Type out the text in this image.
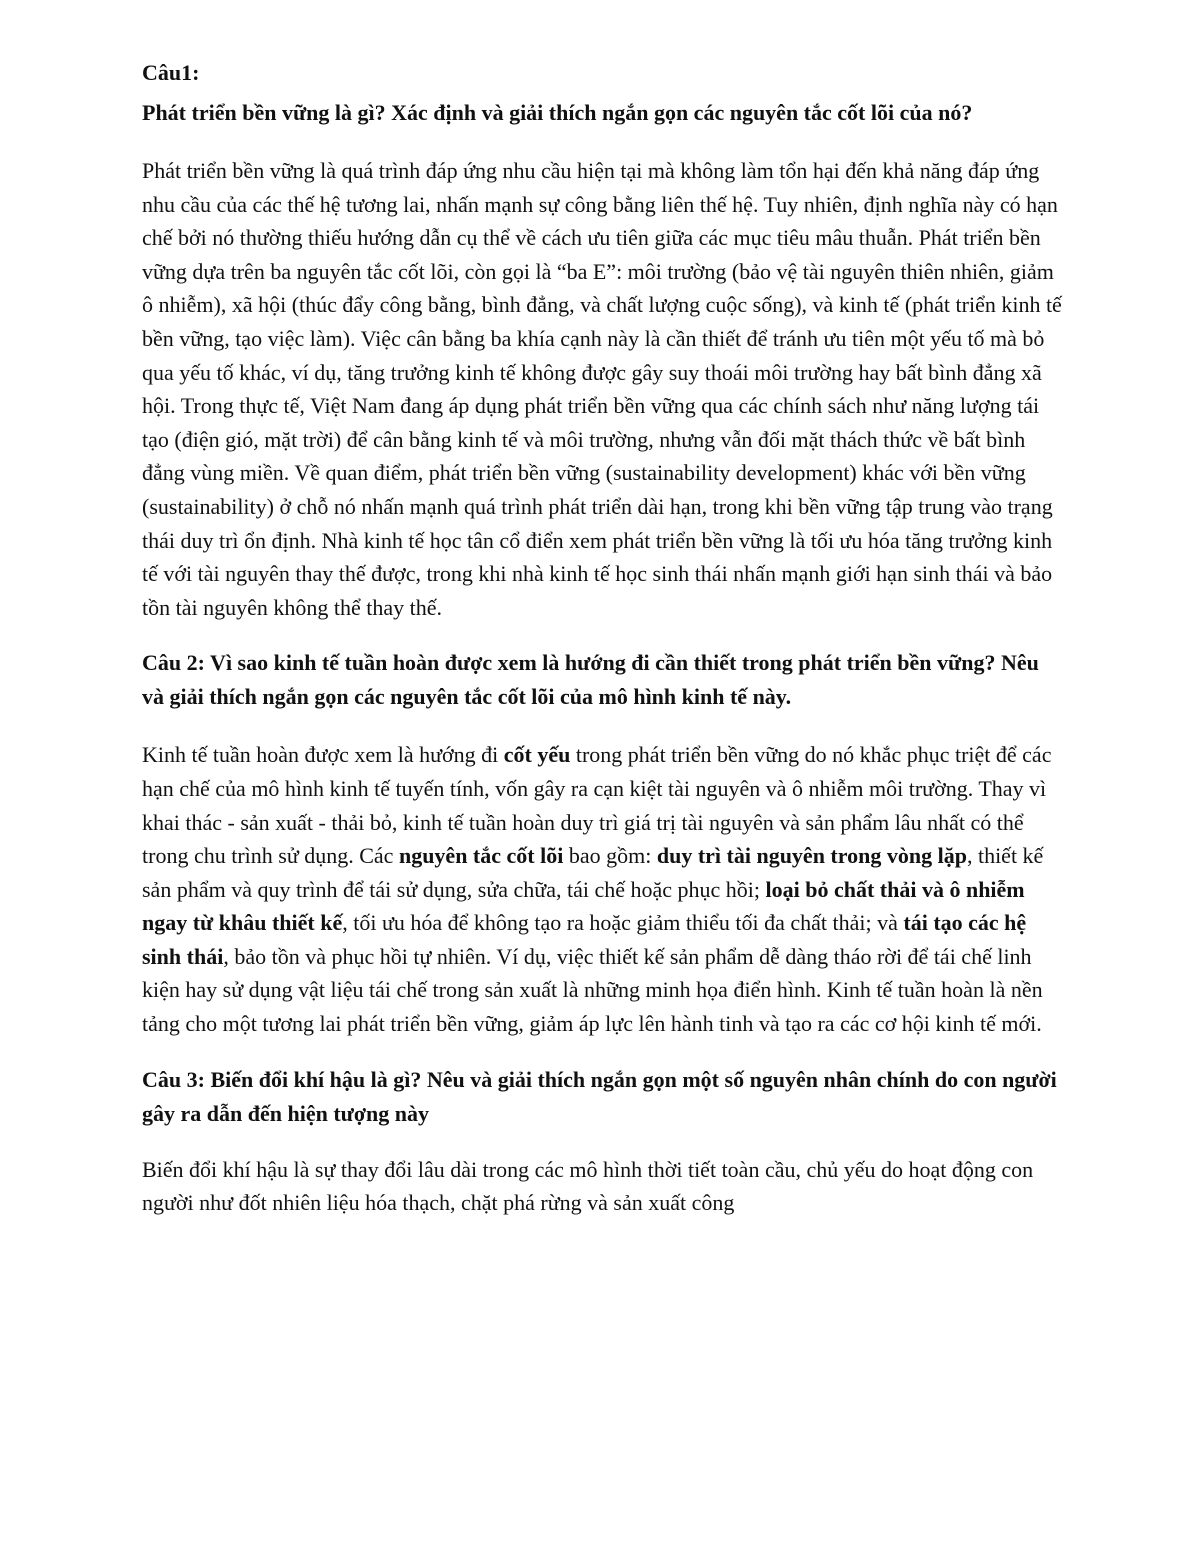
Câu1:

Phát triển bền vững là gì? Xác định và giải thích ngắn gọn các nguyên tắc cốt lõi của nó?

Phát triển bền vững là quá trình đáp ứng nhu cầu hiện tại mà không làm tổn hại đến khả năng đáp ứng nhu cầu của các thế hệ tương lai, nhấn mạnh sự công bằng liên thế hệ. Tuy nhiên, định nghĩa này có hạn chế bởi nó thường thiếu hướng dẫn cụ thể về cách ưu tiên giữa các mục tiêu mâu thuẫn. Phát triển bền vững dựa trên ba nguyên tắc cốt lõi, còn gọi là “ba E”: môi trường (bảo vệ tài nguyên thiên nhiên, giảm ô nhiễm), xã hội (thúc đẩy công bằng, bình đẳng, và chất lượng cuộc sống), và kinh tế (phát triển kinh tế bền vững, tạo việc làm). Việc cân bằng ba khía cạnh này là cần thiết để tránh ưu tiên một yếu tố mà bỏ qua yếu tố khác, ví dụ, tăng trưởng kinh tế không được gây suy thoái môi trường hay bất bình đẳng xã hội. Trong thực tế, Việt Nam đang áp dụng phát triển bền vững qua các chính sách như năng lượng tái tạo (điện gió, mặt trời) để cân bằng kinh tế và môi trường, nhưng vẫn đối mặt thách thức về bất bình đẳng vùng miền. Về quan điểm, phát triển bền vững (sustainability development) khác với bền vững (sustainability) ở chỗ nó nhấn mạnh quá trình phát triển dài hạn, trong khi bền vững tập trung vào trạng thái duy trì ổn định. Nhà kinh tế học tân cổ điển xem phát triển bền vững là tối ưu hóa tăng trưởng kinh tế với tài nguyên thay thế được, trong khi nhà kinh tế học sinh thái nhấn mạnh giới hạn sinh thái và bảo tồn tài nguyên không thể thay thế.

Câu 2: Vì sao kinh tế tuần hoàn được xem là hướng đi cần thiết trong phát triển bền vững? Nêu và giải thích ngắn gọn các nguyên tắc cốt lõi của mô hình kinh tế này.

Kinh tế tuần hoàn được xem là hướng đi cốt yếu trong phát triển bền vững do nó khắc phục triệt để các hạn chế của mô hình kinh tế tuyến tính, vốn gây ra cạn kiệt tài nguyên và ô nhiễm môi trường. Thay vì khai thác - sản xuất - thải bỏ, kinh tế tuần hoàn duy trì giá trị tài nguyên và sản phẩm lâu nhất có thể trong chu trình sử dụng. Các nguyên tắc cốt lõi bao gồm: duy trì tài nguyên trong vòng lặp, thiết kế sản phẩm và quy trình để tái sử dụng, sửa chữa, tái chế hoặc phục hồi; loại bỏ chất thải và ô nhiễm ngay từ khâu thiết kế, tối ưu hóa để không tạo ra hoặc giảm thiểu tối đa chất thải; và tái tạo các hệ sinh thái, bảo tồn và phục hồi tự nhiên. Ví dụ, việc thiết kế sản phẩm dễ dàng tháo rời để tái chế linh kiện hay sử dụng vật liệu tái chế trong sản xuất là những minh họa điển hình. Kinh tế tuần hoàn là nền tảng cho một tương lai phát triển bền vững, giảm áp lực lên hành tinh và tạo ra các cơ hội kinh tế mới.

Câu 3: Biến đổi khí hậu là gì? Nêu và giải thích ngắn gọn một số nguyên nhân chính do con người gây ra dẫn đến hiện tượng này

Biến đổi khí hậu là sự thay đổi lâu dài trong các mô hình thời tiết toàn cầu, chủ yếu do hoạt động con người như đốt nhiên liệu hóa thạch, chặt phá rừng và sản xuất công
